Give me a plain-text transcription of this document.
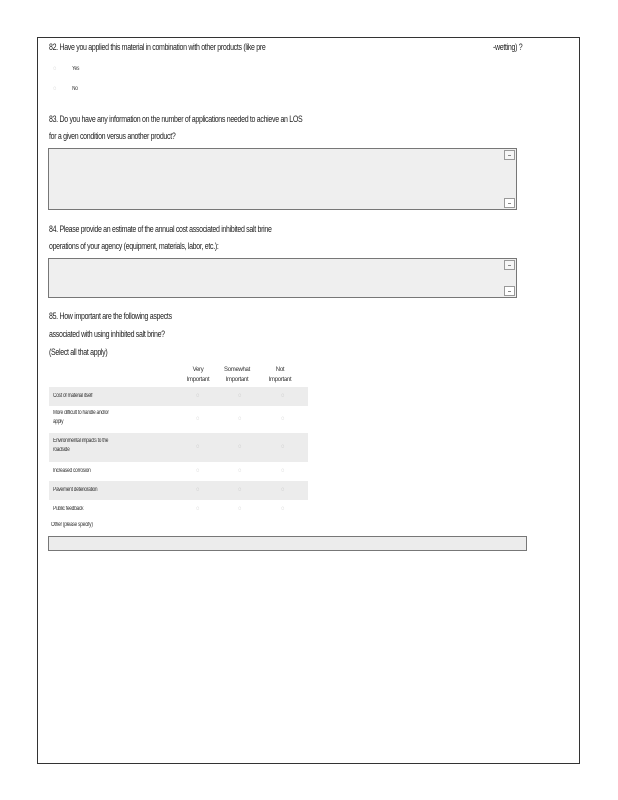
82. Have you applied this material in combination with other products (like pre	-wetting) ?
◌
Yes
◌
No
83. Do you have any information on the number of applications needed to achieve an LOS
for a given condition versus another product?
84. Please provide an estimate of the annual cost associated inhibited salt brine
operations of your agency (equipment, materials, labor, etc.):
85. How important are the following aspects
associated with using inhibited salt brine?
(Select all that apply)
Very
Important
Somewhat
Important
Not
Important
Cost of material itself
◌
◌
◌
More difficult to handle and/or
apply
◌
◌
◌
Environmental impacts to the
roadside
◌
◌
◌
Increased corrosion
◌
◌
◌
Pavement deterioration
◌
◌
◌
Public feedback
◌
◌
◌
Other (please specify)
